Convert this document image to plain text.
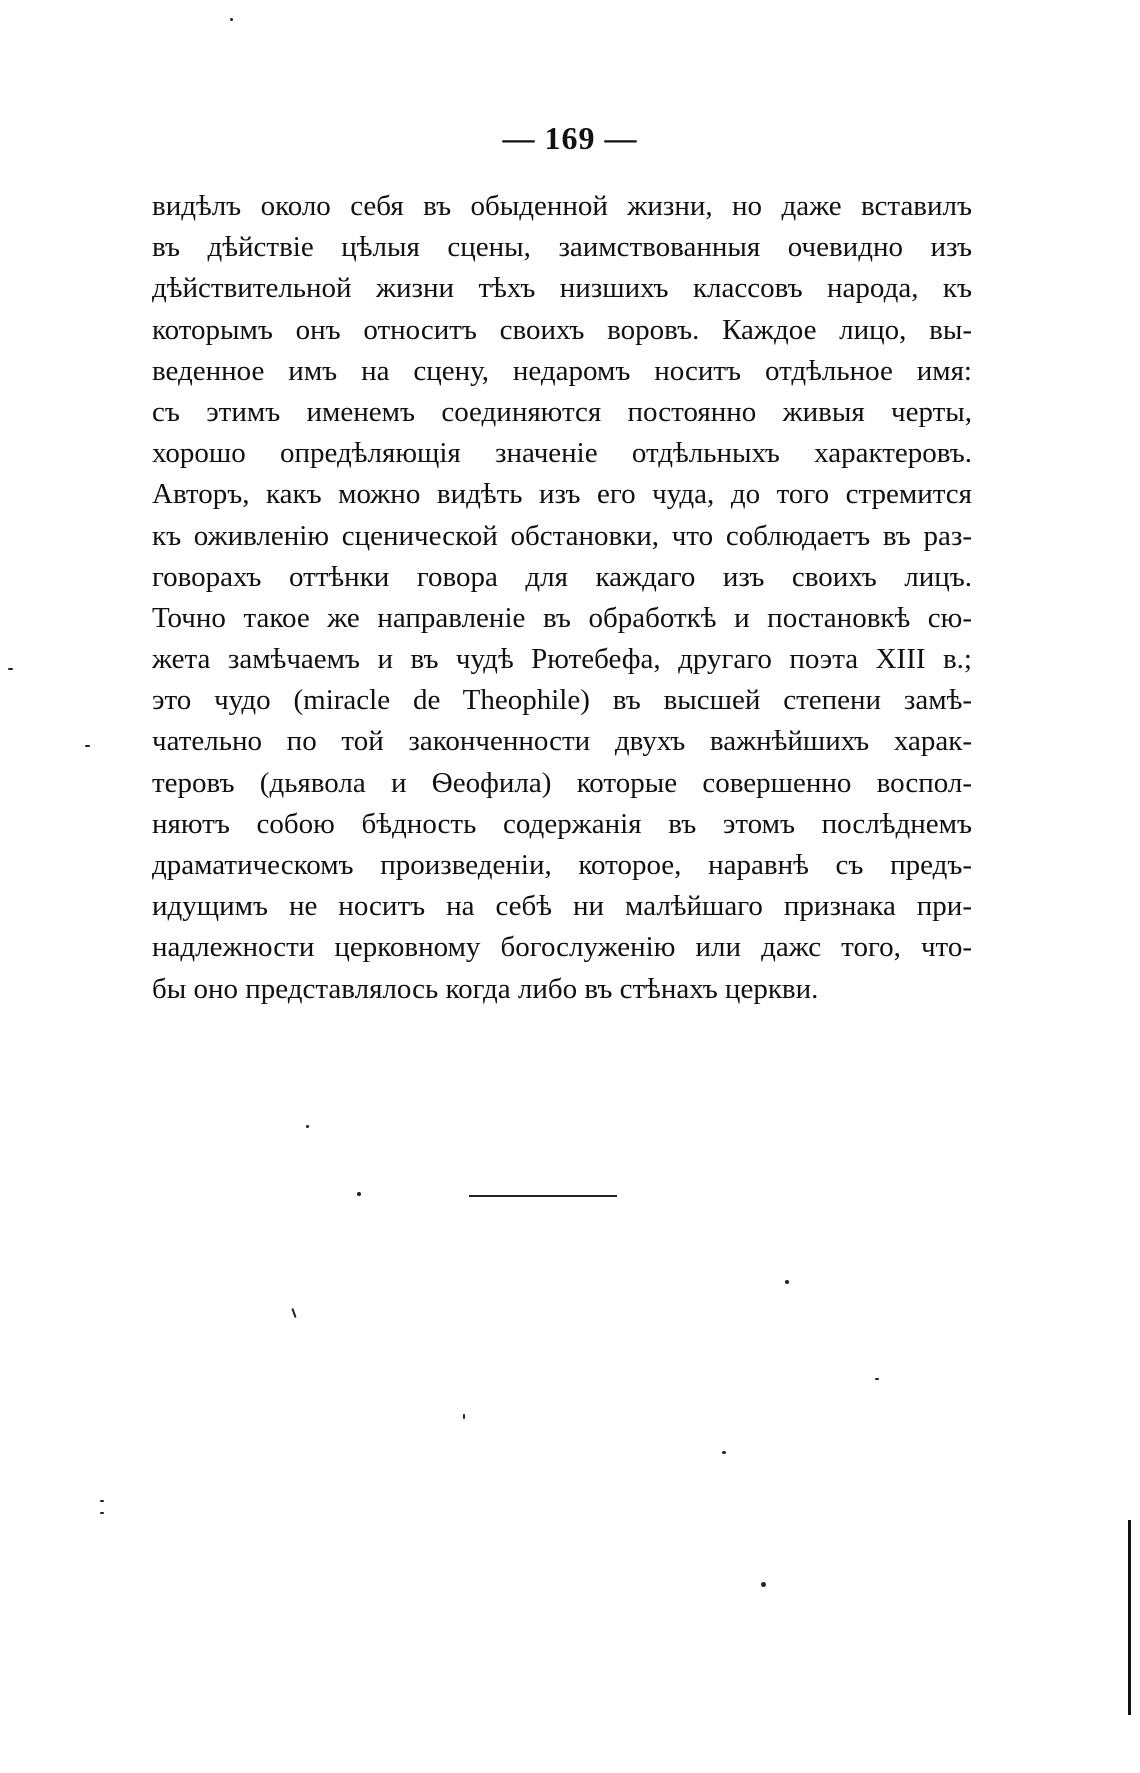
— 169 —
видѣлъ около себя въ обыденной жизни, но даже вставилъ
въ дѣйствіе цѣлыя сцены, заимствованныя очевидно изъ
дѣйствительной жизни тѣхъ низшихъ классовъ народа, къ
которымъ онъ относитъ своихъ воровъ. Каждое лицо, вы-
веденное имъ на сцену, недаромъ носитъ отдѣльное имя:
съ этимъ именемъ соединяются постоянно живыя черты,
хорошо опредѣляющія значеніе отдѣльныхъ характеровъ.
Авторъ, какъ можно видѣть изъ его чуда, до того стремится
къ оживленію сценической обстановки, что соблюдаетъ въ раз-
говорахъ оттѣнки говора для каждаго изъ своихъ лицъ.
Точно такое же направленіе въ обработкѣ и постановкѣ сю-
жета замѣчаемъ и въ чудѣ Рютебефа, другаго поэта XIII в.;
это чудо (miracle de Theophile) въ высшей степени замѣ-
чательно по той законченности двухъ важнѣйшихъ харак-
теровъ (дьявола и Ѳеофила) которые совершенно воспол-
няютъ собою бѣдность содержанія въ этомъ послѣднемъ
драматическомъ произведеніи, которое, наравнѣ съ предъ-
идущимъ не носитъ на себѣ ни малѣйшаго признака при-
надлежности церковному богослуженію или дажс того, что-
бы оно представлялось когда либо въ стѣнахъ церкви.
